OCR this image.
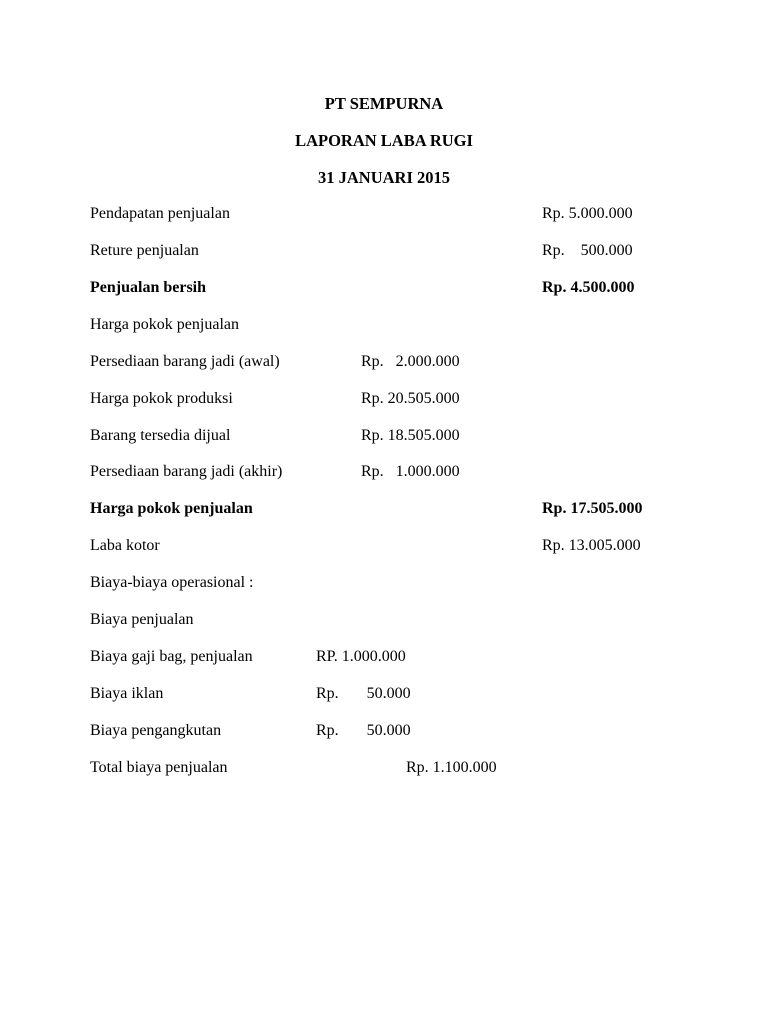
PT SEMPURNA
LAPORAN LABA RUGI
31 JANUARI 2015
Pendapatan penjualan	Rp. 5.000.000
Reture penjualan	Rp.    500.000
Penjualan bersih	Rp. 4.500.000
Harga pokok penjualan
Persediaan barang jadi (awal)	Rp.   2.000.000
Harga pokok produksi	Rp. 20.505.000
Barang tersedia dijual	Rp. 18.505.000
Persediaan barang jadi (akhir)	Rp.   1.000.000
Harga pokok penjualan	Rp. 17.505.000
Laba kotor	Rp. 13.005.000
Biaya-biaya operasional :
Biaya penjualan
Biaya gaji bag, penjualan	RP. 1.000.000
Biaya iklan	Rp.       50.000
Biaya pengangkutan	Rp.       50.000
Total biaya penjualan	Rp. 1.100.000
